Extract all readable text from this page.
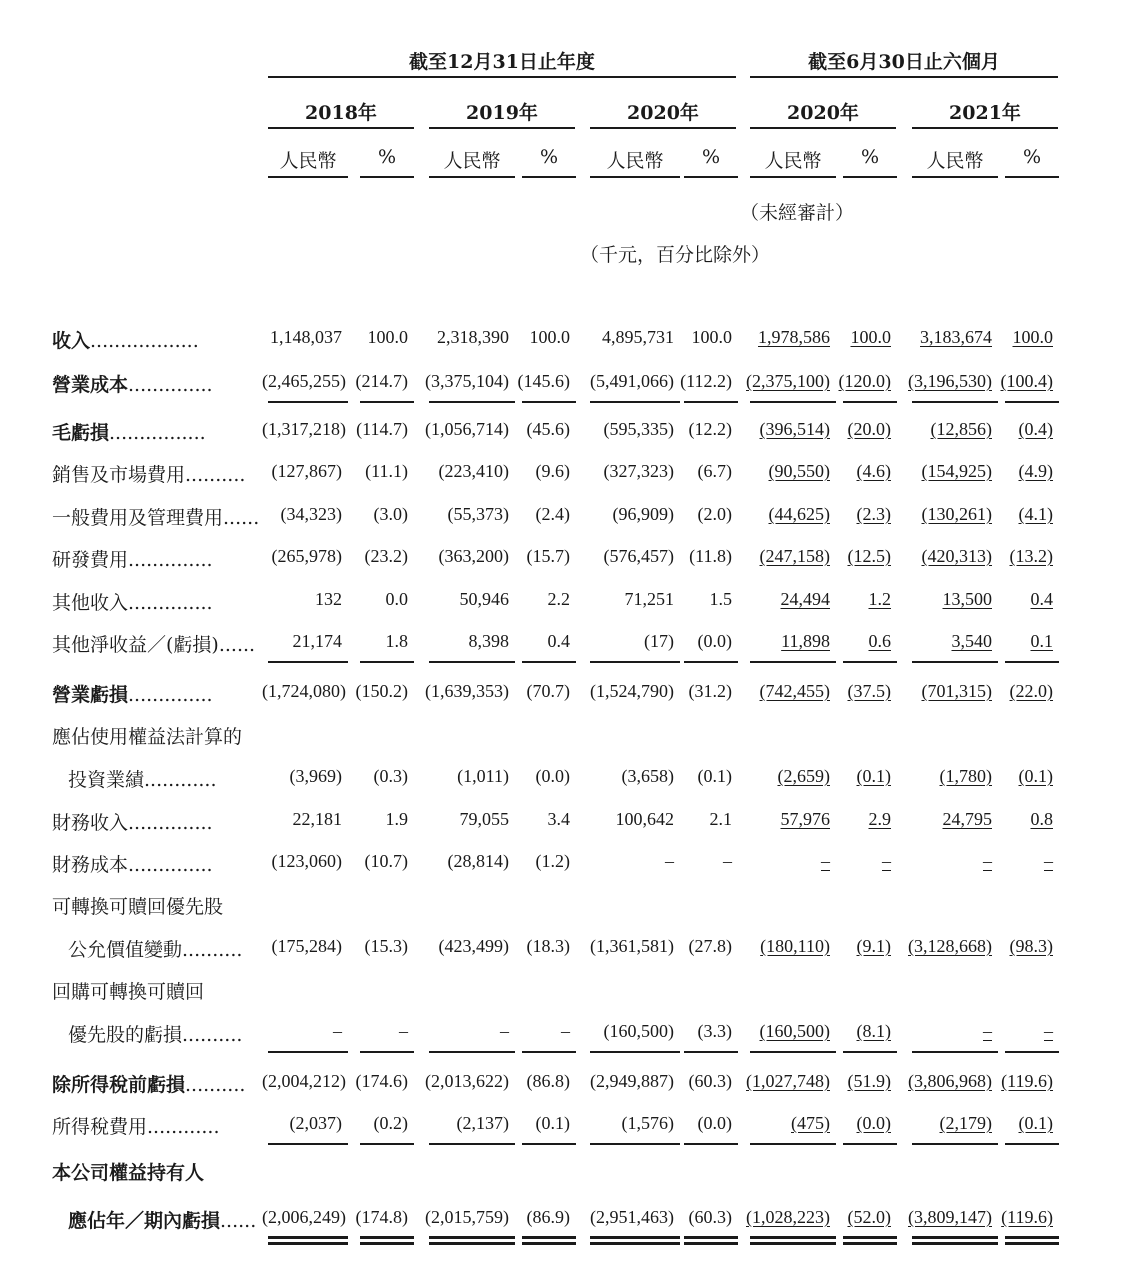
截至12月31日止年度	截至6月30日止六個月
2018年	2019年	2020年	2020年	2021年
人民幣	%	人民幣	%	人民幣	%	人民幣	%	人民幣	%
（未經審計）
（千元，百分比除外）
收入..................	1,148,037	100.0	2,318,390	100.0	4,895,731 100.0	1,978,586	100.0	3,183,674	100.0
營業成本..............	(2,465,255) (214.7) (3,375,104) (145.6)	(5,491,066) (112.2) (2,375,100) (120.0) (3,196,530) (100.4)
毛虧損................	(1,317,218) (114.7) (1,056,714) (45.6)	(595,335) (12.2)	(396,514) (20.0)	(12,856)	(0.4)
銷售及市場費用..........	(127,867)	(11.1)	(223,410)	(9.6)	(327,323)	(6.7)	(90,550)	(4.6)	(154,925)	(4.9)
一般費用及管理費用......	(34,323)	(3.0)	(55,373)	(2.4)	(96,909)	(2.0)	(44,625)	(2.3)	(130,261)	(4.1)
研發費用..............	(265,978)	(23.2)	(363,200) (15.7)	(576,457) (11.8)	(247,158) (12.5)	(420,313) (13.2)
其他收入..............	132	0.0	50,946	2.2	71,251	1.5	24,494	1.2	13,500	0.4
其他淨收益／(虧損)......	21,174	1.8	8,398	0.4	(17)	(0.0)	11,898	0.6	3,540	0.1
營業虧損..............	(1,724,080) (150.2) (1,639,353) (70.7)	(1,524,790) (31.2)	(742,455) (37.5)	(701,315) (22.0)
應佔使用權益法計算的
投資業績............	(3,969)	(0.3)	(1,011)	(0.0)	(3,658)	(0.1)	(2,659)	(0.1)	(1,780)	(0.1)
財務收入..............	22,181	1.9	79,055	3.4	100,642	2.1	57,976	2.9	24,795	0.8
財務成本..............	(123,060)	(10.7)	(28,814)	(1.2)	–	–	–	–	–	–
可轉換可贖回優先股
公允價值變動..........	(175,284)	(15.3)	(423,499) (18.3)	(1,361,581) (27.8)	(180,110)	(9.1) (3,128,668) (98.3)
回購可轉換可贖回
優先股的虧損..........	–	–	–	–	(160,500)	(3.3)	(160,500)	(8.1)	–	–
除所得稅前虧損.......... (2,004,212) (174.6) (2,013,622) (86.8)	(2,949,887) (60.3) (1,027,748) (51.9) (3,806,968) (119.6)
所得稅費用............	(2,037)	(0.2)	(2,137)	(0.1)	(1,576)	(0.0)	(475)	(0.0)	(2,179)	(0.1)
本公司權益持有人
應佔年／期內虧損...... (2,006,249) (174.8) (2,015,759) (86.9)	(2,951,463) (60.3) (1,028,223) (52.0) (3,809,147) (119.6)
